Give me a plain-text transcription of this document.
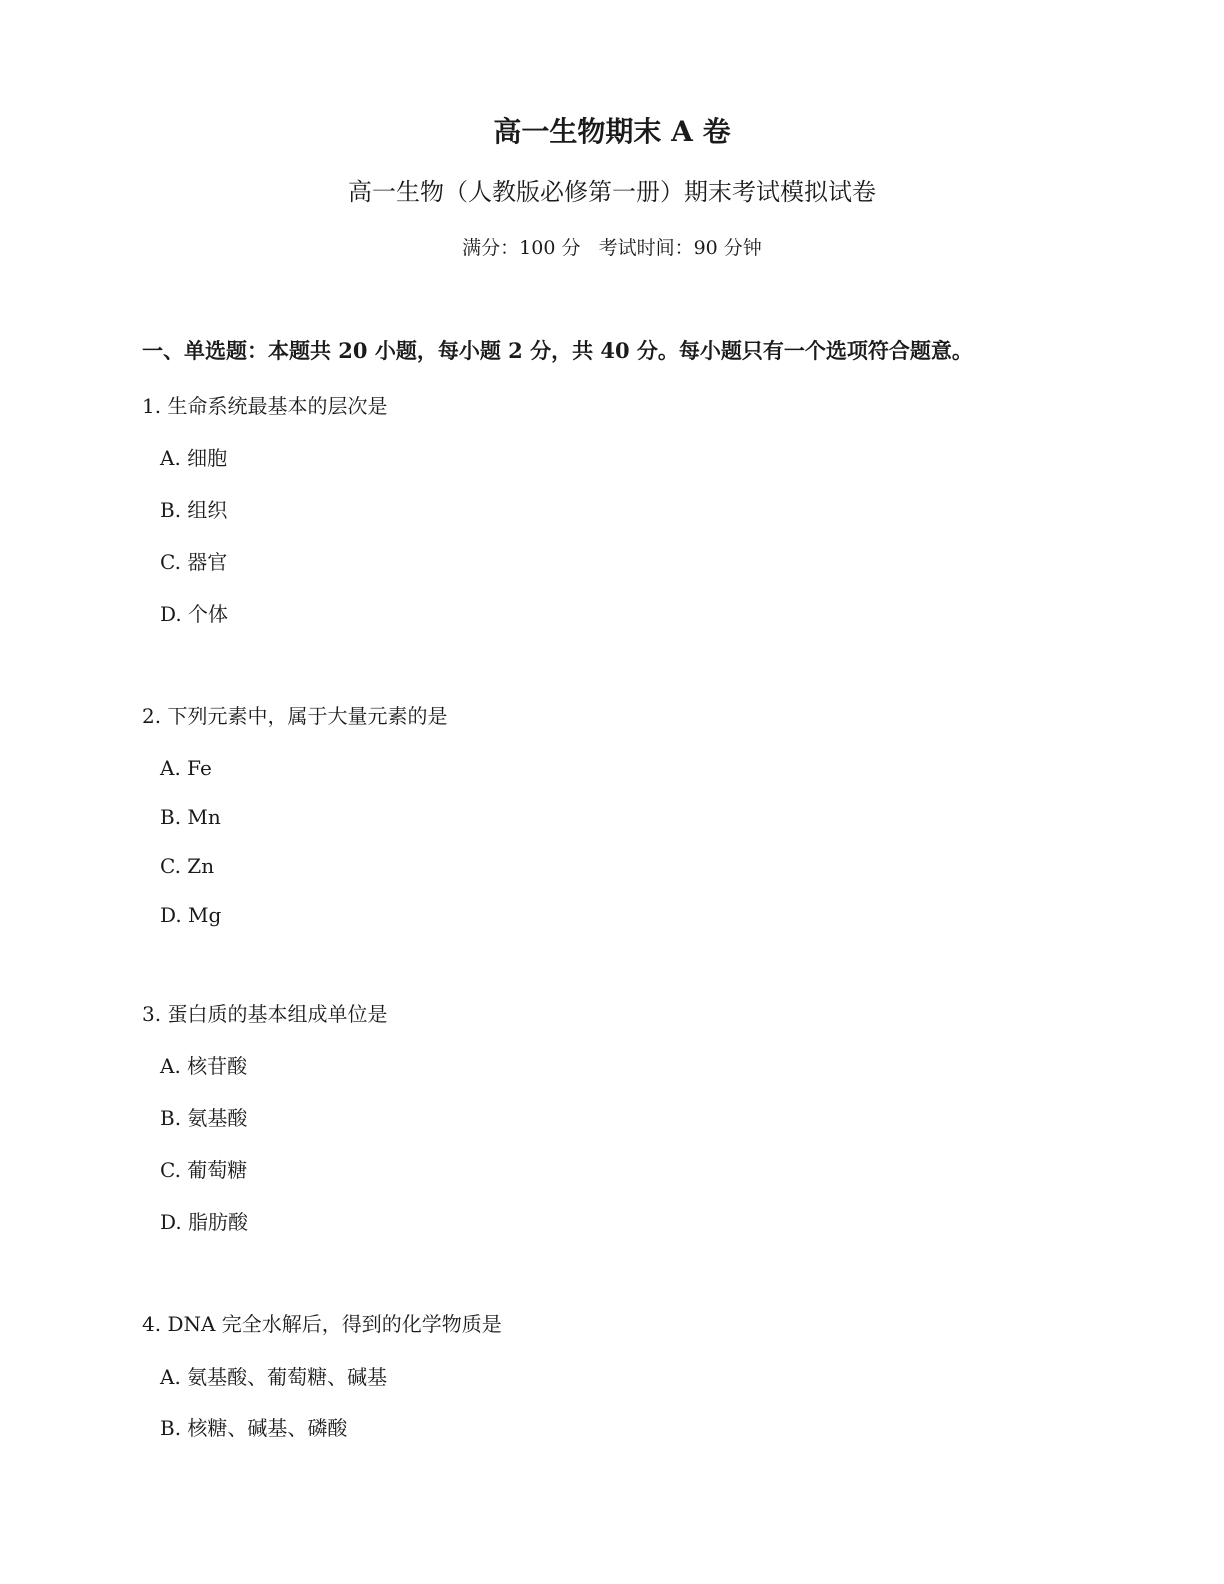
高一生物期末 A 卷
高一生物（人教版必修第一册）期末考试模拟试卷
满分：100 分   考试时间：90 分钟
一、单选题：本题共 20 小题，每小题 2 分，共 40 分。每小题只有一个选项符合题意。
1. 生命系统最基本的层次是
A. 细胞
B. 组织
C. 器官
D. 个体
2. 下列元素中，属于大量元素的是
A. Fe
B. Mn
C. Zn
D. Mg
3. 蛋白质的基本组成单位是
A. 核苷酸
B. 氨基酸
C. 葡萄糖
D. 脂肪酸
4. DNA 完全水解后，得到的化学物质是
A. 氨基酸、葡萄糖、碱基
B. 核糖、碱基、磷酸
